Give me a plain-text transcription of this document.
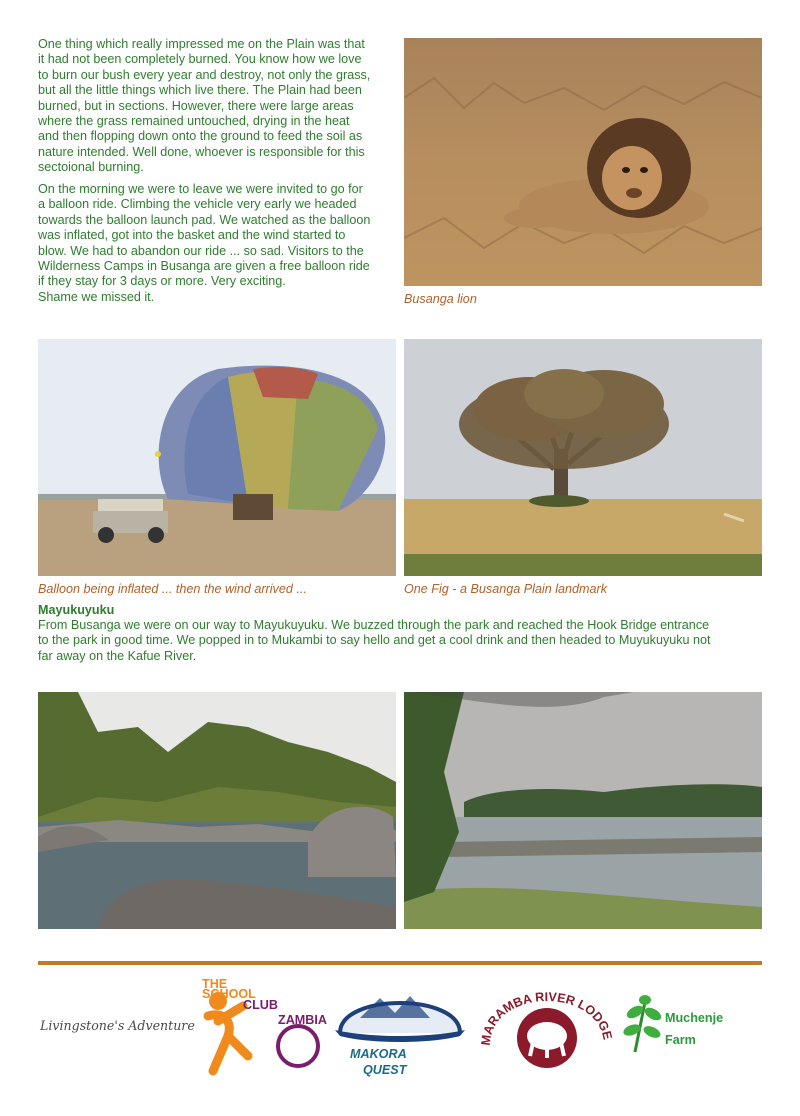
One thing which really impressed me on the Plain was that
it had not been completely burned. You know how we love
to burn our bush every year and destroy, not only the grass,
but all the little things which live there. The Plain had been
burned, but in sections. However, there were large areas
where the grass remained untouched, drying in the heat
and then flopping down onto the ground to feed the soil as
nature intended. Well done, whoever is responsible for this
sectoional burning.

On the morning we were to leave we were invited to go for
a balloon ride. Climbing the vehicle very early we headed
towards the balloon launch pad. We watched as the balloon
was inflated, got into the basket and the wind started to
blow. We had to abandon our ride ... so sad. Visitors to the
Wilderness Camps in Busanga are given a free balloon ride
if they stay for 3 days or more. Very exciting.
Shame we missed it.	Busanga lion

Balloon being inflated ... then the wind arrived ...	One Fig - a Busanga Plain landmark

Mayukuyuku

From Busanga we were on our way to Mayukuyuku. We buzzed through the park and reached the Hook Bridge entrance
to the park in good time. We popped in to Mukambi to say hello and get a cool drink and then headed to Muyukuyuku not
far away on the Kafue River.

Livingstone's Adventure
THE
SCHOOL
CLUB
ZAMBIA
MAKORA
QUEST
MARAMBA RIVER LODGE
Muchenje
Farm
